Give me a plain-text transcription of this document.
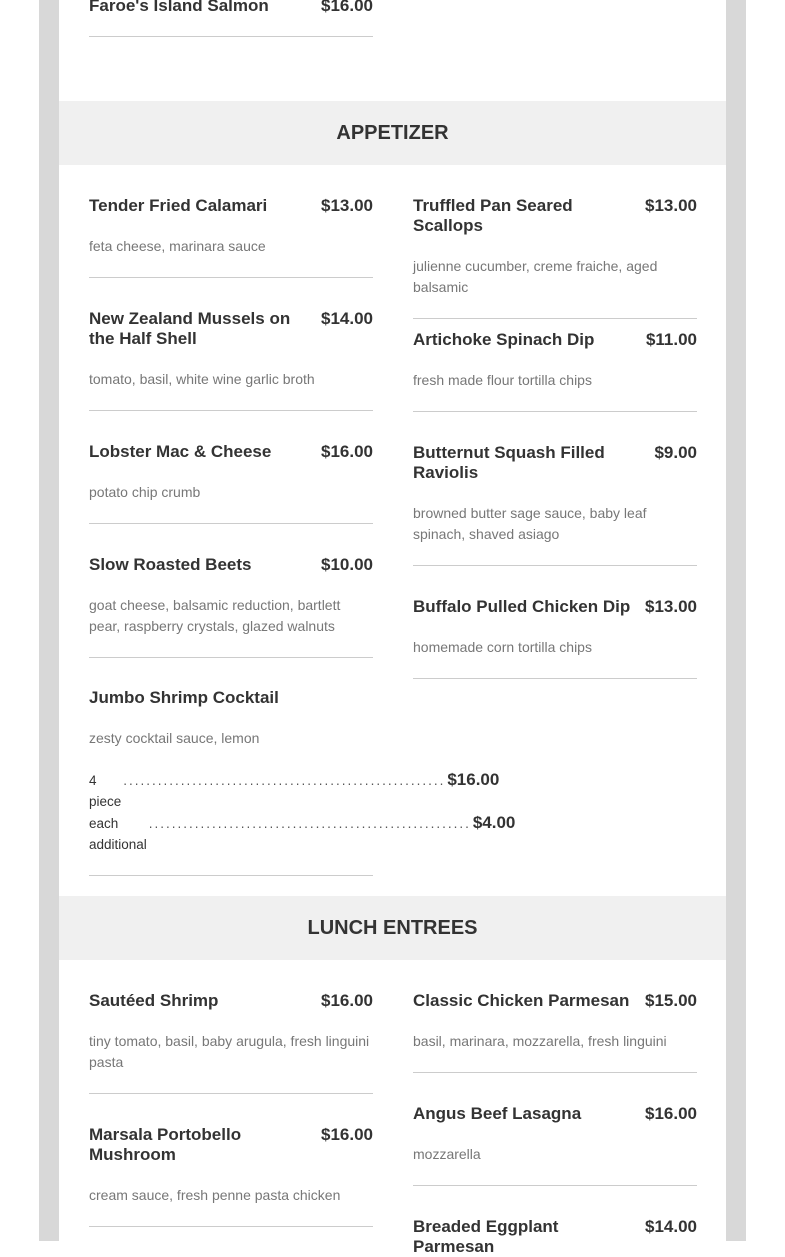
Faroe's Island Salmon	$16.00
APPETIZER
Tender Fried Calamari	$13.00
feta cheese, marinara sauce
New Zealand Mussels on the Half Shell
$14.00
tomato, basil, white wine garlic broth
Lobster Mac & Cheese	$16.00
potato chip crumb
Slow Roasted Beets	$10.00
goat cheese, balsamic reduction, bartlett pear, raspberry crystals, glazed walnuts
Jumbo Shrimp Cocktail
zesty cocktail sauce, lemon
4 piece
........................................................ $16.00
each additional
........................................................ $4.00
Truffled Pan Seared Scallops
$13.00
julienne cucumber, creme fraiche, aged balsamic
Artichoke Spinach Dip	$11.00
fresh made flour tortilla chips
Butternut Squash Filled Raviolis
$9.00
browned butter sage sauce, baby leaf spinach, shaved asiago
Buffalo Pulled Chicken Dip $13.00
homemade corn tortilla chips
LUNCH ENTREES
Sautéed Shrimp	$16.00
tiny tomato, basil, baby arugula, fresh linguini pasta
Marsala Portobello Mushroom
$16.00
cream sauce, fresh penne pasta chicken
Classic Chicken Parmesan $15.00
basil, marinara, mozzarella, fresh linguini
Angus Beef Lasagna	$16.00
mozzarella
Breaded Eggplant Parmesan
$14.00
